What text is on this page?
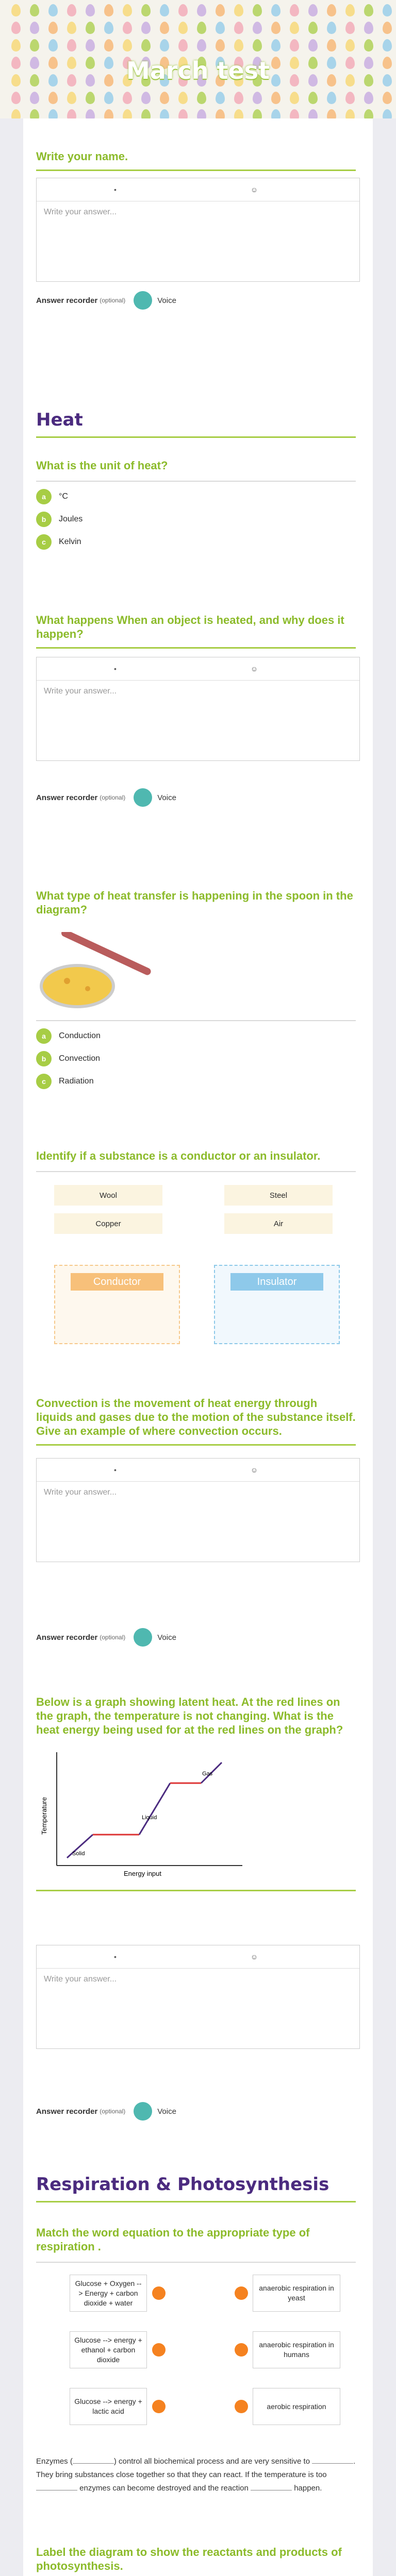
March test
Write your name.
•	☺
Write your answer...
Answer recorder (optional)	Voice
Heat
What is the unit of heat?
a	°C
b	Joules
c	Kelvin
What happens When an object is heated, and why does it happen?
•	☺
Write your answer...
Answer recorder (optional)	Voice
What type of heat transfer is happening in the spoon in the diagram?
a	Conduction
b	Convection
c	Radiation
Identify if a substance is a conductor or an insulator.
Wool	Steel
Copper	Air
Conductor	Insulator
Convection is the movement of heat energy through liquids and gases due to the motion of the substance itself. Give an example of where convection occurs.
•	☺
Write your answer...
Answer recorder (optional)	Voice
Below is a graph showing latent heat. At the red lines on the graph, the temperature is not changing. What is the heat energy being used for at the red lines on the graph?
Temperature
Energy input
Solid
Liquid
Gas
•	☺
Write your answer...
Answer recorder (optional)	Voice
Respiration & Photosynthesis
Match the word equation to the appropriate type of respiration .
Glucose + Oxygen --> Energy + carbon dioxide + water
Glucose --> energy + ethanol + carbon dioxide
Glucose --> energy + lactic acid
anaerobic respiration in yeast
anaerobic respiration in humans
aerobic respiration
Enzymes (	) control all biochemical process and are very sensitive to	. They bring substances close together so that they can react. If the temperature is too  enzymes can become destroyed and the reaction	happen.
Label the diagram to show the reactants and products of photosynthesis.
